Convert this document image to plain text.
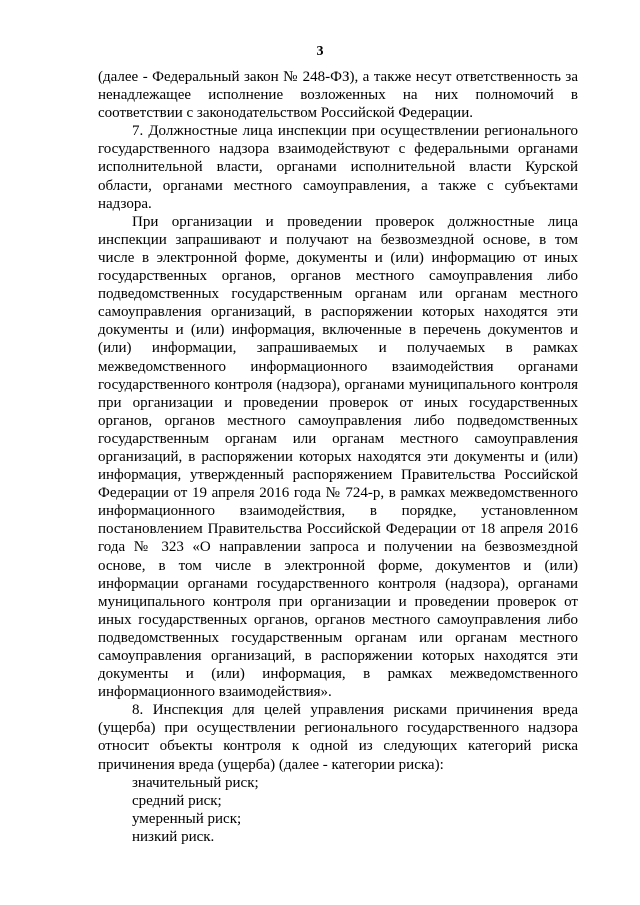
3

(далее - Федеральный закон № 248-ФЗ), а также несут ответственность за ненадлежащее исполнение возложенных на них полномочий в соответствии с законодательством Российской Федерации.

7. Должностные лица инспекции при осуществлении регионального государственного надзора взаимодействуют с федеральными органами исполнительной власти, органами исполнительной власти Курской области, органами местного самоуправления, а также с субъектами надзора.

При организации и проведении проверок должностные лица инспекции запрашивают и получают на безвозмездной основе, в том числе в электронной форме, документы и (или) информацию от иных государственных органов, органов местного самоуправления либо подведомственных государственным органам или органам местного самоуправления организаций, в распоряжении которых находятся эти документы и (или) информация, включенные в перечень документов и (или) информации, запрашиваемых и получаемых в рамках межведомственного информационного взаимодействия органами государственного контроля (надзора), органами муниципального контроля при организации и проведении проверок от иных государственных органов, органов местного самоуправления либо подведомственных государственным органам или органам местного самоуправления организаций, в распоряжении которых находятся эти документы и (или) информация, утвержденный распоряжением Правительства Российской Федерации от 19 апреля 2016 года № 724-р, в рамках межведомственного информационного взаимодействия, в порядке, установленном постановлением Правительства Российской Федерации от 18 апреля 2016 года № 323 «О направлении запроса и получении на безвозмездной основе, в том числе в электронной форме, документов и (или) информации органами государственного контроля (надзора), органами муниципального контроля при организации и проведении проверок от иных государственных органов, органов местного самоуправления либо подведомственных государственным органам или органам местного самоуправления организаций, в распоряжении которых находятся эти документы и (или) информация, в рамках межведомственного информационного взаимодействия».

8. Инспекция для целей управления рисками причинения вреда (ущерба) при осуществлении регионального государственного надзора относит объекты контроля к одной из следующих категорий риска причинения вреда (ущерба) (далее - категории риска):

значительный риск;

средний риск;

умеренный риск;

низкий риск.
